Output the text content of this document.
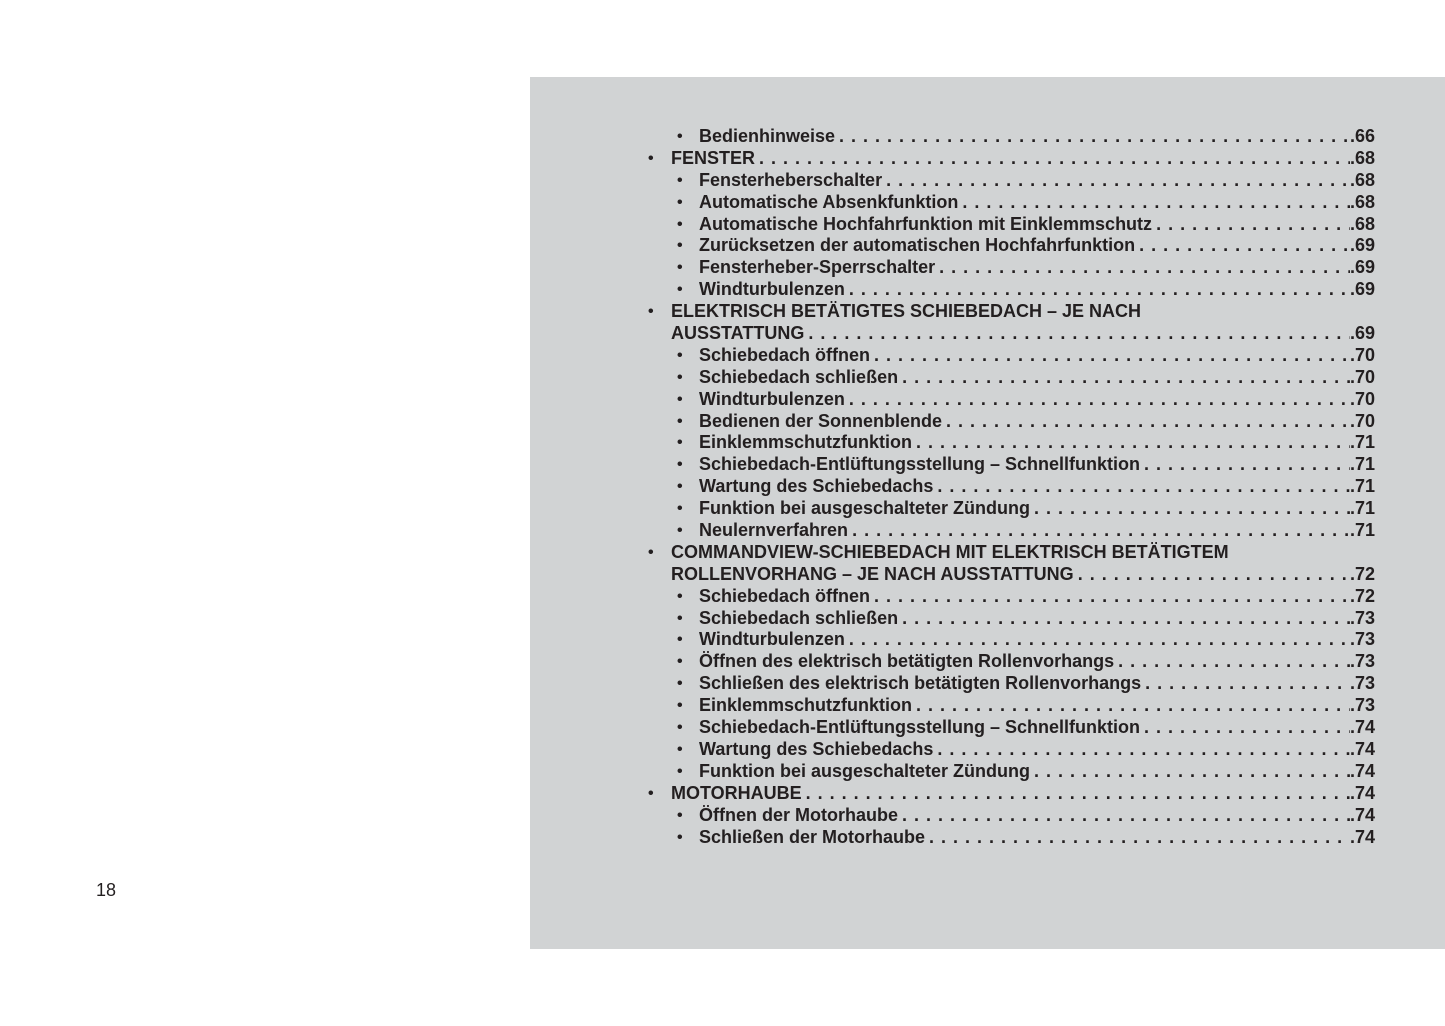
• Bedienhinweise . . .	.66
• FENSTER . . .	.68
• Fensterheberschalter . . .	.68
• Automatische Absenkfunktion . . .	.68
• Automatische Hochfahrfunktion mit Einklemmschutz . . .	.68
• Zurücksetzen der automatischen Hochfahrfunktion . . .	.69
• Fensterheber-Sperrschalter . . .	.69
• Windturbulenzen . . .	.69
• ELEKTRISCH BETÄTIGTES SCHIEBEDACH – JE NACH
AUSSTATTUNG . . .	.69
• Schiebedach öffnen . . .	.70
• Schiebedach schließen . . .	.70
• Windturbulenzen . . .	.70
• Bedienen der Sonnenblende . . .	.70
• Einklemmschutzfunktion . . .	.71
• Schiebedach-Entlüftungsstellung – Schnellfunktion . . .	.71
• Wartung des Schiebedachs . . .	.71
• Funktion bei ausgeschalteter Zündung . . .	.71
• Neulernverfahren . . .	.71
• COMMANDVIEW-SCHIEBEDACH MIT ELEKTRISCH BETÄTIGTEM
ROLLENVORHANG – JE NACH AUSSTATTUNG . . .	.72
• Schiebedach öffnen . . .	.72
• Schiebedach schließen . . .	.73
• Windturbulenzen . . .	.73
• Öffnen des elektrisch betätigten Rollenvorhangs . . .	.73
• Schließen des elektrisch betätigten Rollenvorhangs . . .	.73
• Einklemmschutzfunktion . . .	.73
• Schiebedach-Entlüftungsstellung – Schnellfunktion . . .	.74
• Wartung des Schiebedachs . . .	.74
• Funktion bei ausgeschalteter Zündung . . .	.74
• MOTORHAUBE . . .	.74
• Öffnen der Motorhaube . . .	.74
• Schließen der Motorhaube . . .	.74
18
